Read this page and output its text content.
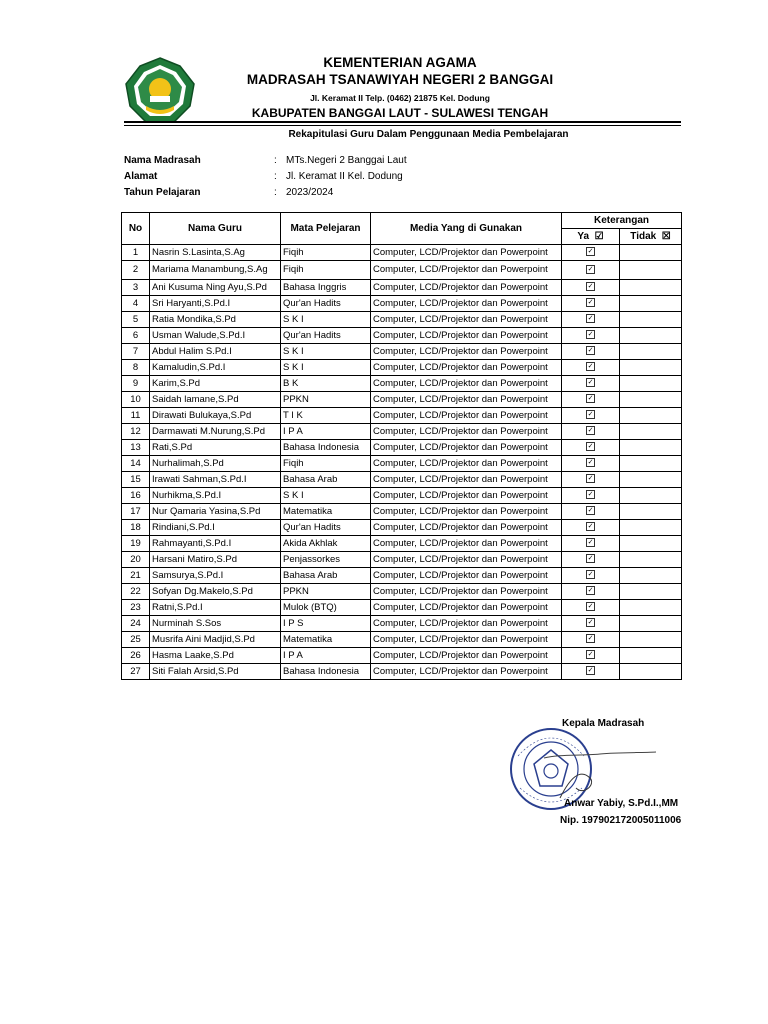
KEMENTERIAN AGAMA
MADRASAH TSANAWIYAH NEGERI 2 BANGGAI
Jl. Keramat II Telp. (0462) 21875 Kel. Dodung
KABUPATEN BANGGAI LAUT - SULAWESI TENGAH
Rekapitulasi Guru Dalam Penggunaan Media Pembelajaran
Nama Madrasah	: MTs.Negeri 2 Banggai Laut
Alamat	: Jl. Keramat II Kel. Dodung
Tahun Pelajaran	: 2023/2024
No	Nama Guru	Mata Pelejaran	Media Yang di Gunakan	Keterangan	
				Ya ☑	Tidak ☒
1	Nasrin S.Lasinta,S.Ag	Fiqih	Computer, LCD/Projektor dan Powerpoint	✓	
2	Mariama Manambung,S.Ag	Fiqih	Computer, LCD/Projektor dan Powerpoint	✓	
3	Ani Kusuma Ning Ayu,S.Pd	Bahasa Inggris	Computer, LCD/Projektor dan Powerpoint	✓	
4	Sri Haryanti,S.Pd.I	Qur'an Hadits	Computer, LCD/Projektor dan Powerpoint	✓	
5	Ratia Mondika,S.Pd	S K I	Computer, LCD/Projektor dan Powerpoint	✓	
6	Usman Walude,S.Pd.I	Qur'an Hadits	Computer, LCD/Projektor dan Powerpoint	✓	
7	Abdul Halim S.Pd.I	S K I	Computer, LCD/Projektor dan Powerpoint	✓	
8	Kamaludin,S.Pd.I	S K I	Computer, LCD/Projektor dan Powerpoint	✓	
9	Karim,S.Pd	B K	Computer, LCD/Projektor dan Powerpoint	✓	
10	Saidah lamane,S.Pd	PPKN	Computer, LCD/Projektor dan Powerpoint	✓	
11	Dirawati Bulukaya,S.Pd	T I K	Computer, LCD/Projektor dan Powerpoint	✓	
12	Darmawati M.Nurung,S.Pd	I P A	Computer, LCD/Projektor dan Powerpoint	✓	
13	Rati,S.Pd	Bahasa Indonesia	Computer, LCD/Projektor dan Powerpoint	✓	
14	Nurhalimah,S.Pd	Fiqih	Computer, LCD/Projektor dan Powerpoint	✓	
15	Irawati Sahman,S.Pd.I	Bahasa Arab	Computer, LCD/Projektor dan Powerpoint	✓	
16	Nurhikma,S.Pd.I	S K I	Computer, LCD/Projektor dan Powerpoint	✓	
17	Nur Qamaria Yasina,S.Pd	Matematika	Computer, LCD/Projektor dan Powerpoint	✓	
18	Rindiani,S.Pd.I	Qur'an Hadits	Computer, LCD/Projektor dan Powerpoint	✓	
19	Rahmayanti,S.Pd.I	Akida Akhlak	Computer, LCD/Projektor dan Powerpoint	✓	
20	Harsani Matiro,S.Pd	Penjassorkes	Computer, LCD/Projektor dan Powerpoint	✓	
21	Samsurya,S.Pd.I	Bahasa Arab	Computer, LCD/Projektor dan Powerpoint	✓	
22	Sofyan Dg.Makelo,S.Pd	PPKN	Computer, LCD/Projektor dan Powerpoint	✓	
23	Ratni,S.Pd.I	Mulok (BTQ)	Computer, LCD/Projektor dan Powerpoint	✓	
24	Nurminah S.Sos	I P S	Computer, LCD/Projektor dan Powerpoint	✓	
25	Musrifa Aini Madjid,S.Pd	Matematika	Computer, LCD/Projektor dan Powerpoint	✓	
26	Hasma Laake,S.Pd	I P A	Computer, LCD/Projektor dan Powerpoint	✓	
27	Siti Falah Arsid,S.Pd	Bahasa Indonesia	Computer, LCD/Projektor dan Powerpoint	✓	
Kepala Madrasah
Anwar Yabiy, S.Pd.I.,MM
Nip. 197902172005011006
